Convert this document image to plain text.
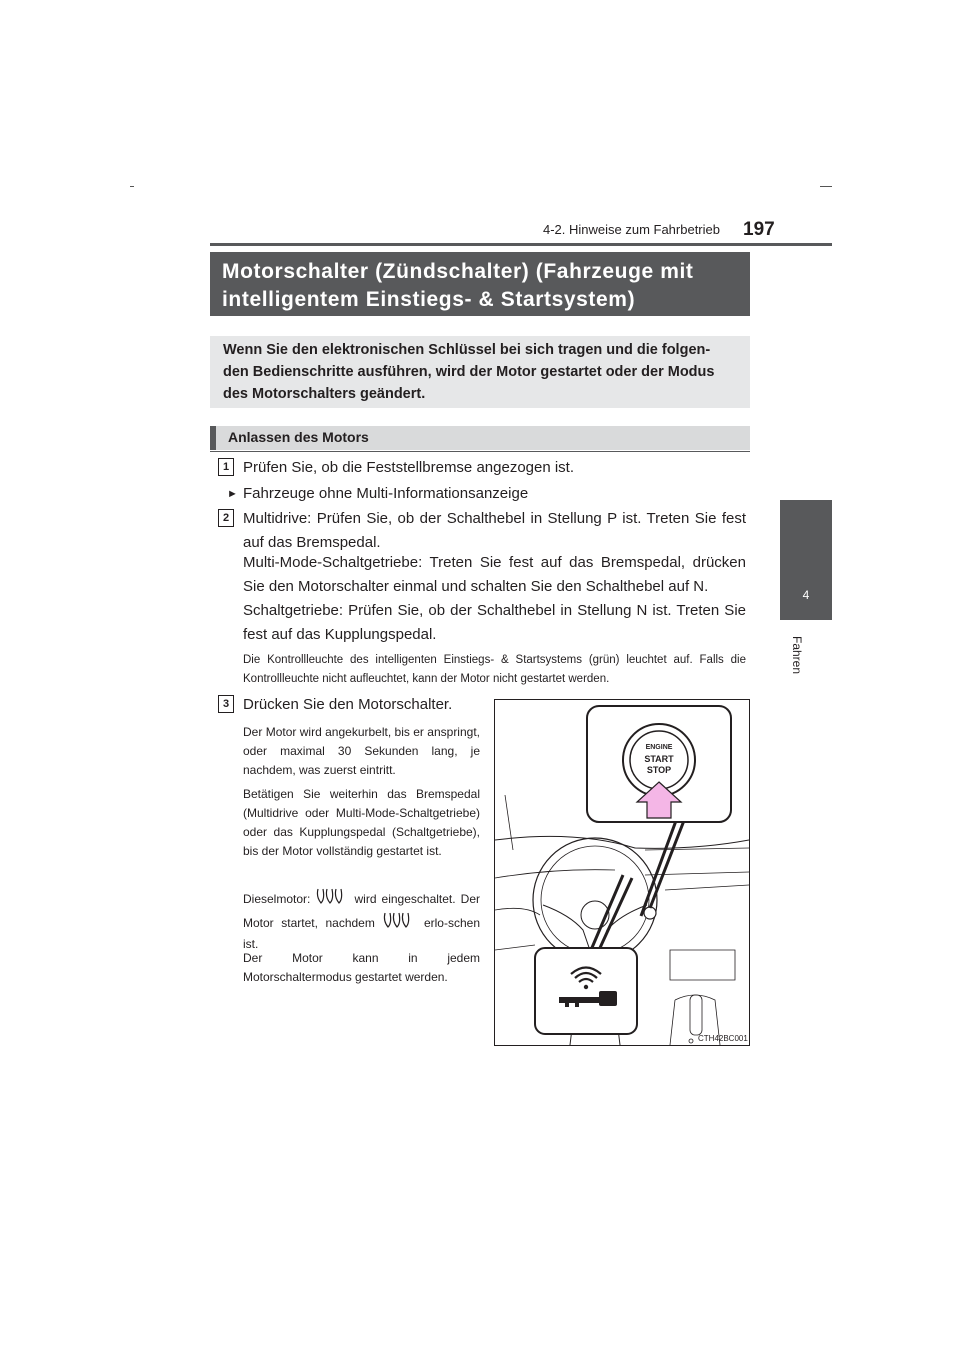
4-2. Hinweise zum Fahrbetrieb 197
4
Fahren
Motorschalter (Zündschalter) (Fahrzeuge mit
intelligentem Einstiegs- & Startsystem)
Wenn Sie den elektronischen Schlüssel bei sich tragen und die folgen-
den Bedienschritte ausführen, wird der Motor gestartet oder der Modus
des Motorschalters geändert.
Anlassen des Motors
1 Prüfen Sie, ob die Feststellbremse angezogen ist.
► Fahrzeuge ohne Multi-Informationsanzeige
2 Multidrive: Prüfen Sie, ob der Schalthebel in Stellung P ist. Treten Sie fest auf das Bremspedal.
Multi-Mode-Schaltgetriebe: Treten Sie fest auf das Bremspedal, drücken Sie den Motorschalter einmal und schalten Sie den Schalthebel auf N.
Schaltgetriebe: Prüfen Sie, ob der Schalthebel in Stellung N ist. Treten Sie fest auf das Kupplungspedal.
Die Kontrollleuchte des intelligenten Einstiegs- & Startsystems (grün) leuchtet auf. Falls die Kontrollleuchte nicht aufleuchtet, kann der Motor nicht gestartet werden.
3 Drücken Sie den Motorschalter.
Der Motor wird angekurbelt, bis er anspringt, oder maximal 30 Sekunden lang, je nachdem, was zuerst eintritt.
Betätigen Sie weiterhin das Bremspedal (Multidrive oder Multi-Mode-Schaltgetriebe) oder das Kupplungspedal (Schaltgetriebe), bis der Motor vollständig gestartet ist.
Dieselmotor:	wird eingeschaltet. Der Motor startet, nachdem	erlo-schen ist.
Der Motor kann in jedem Motorschaltermodus gestartet werden.
ENGINE
START
STOP
CTH42BC001
